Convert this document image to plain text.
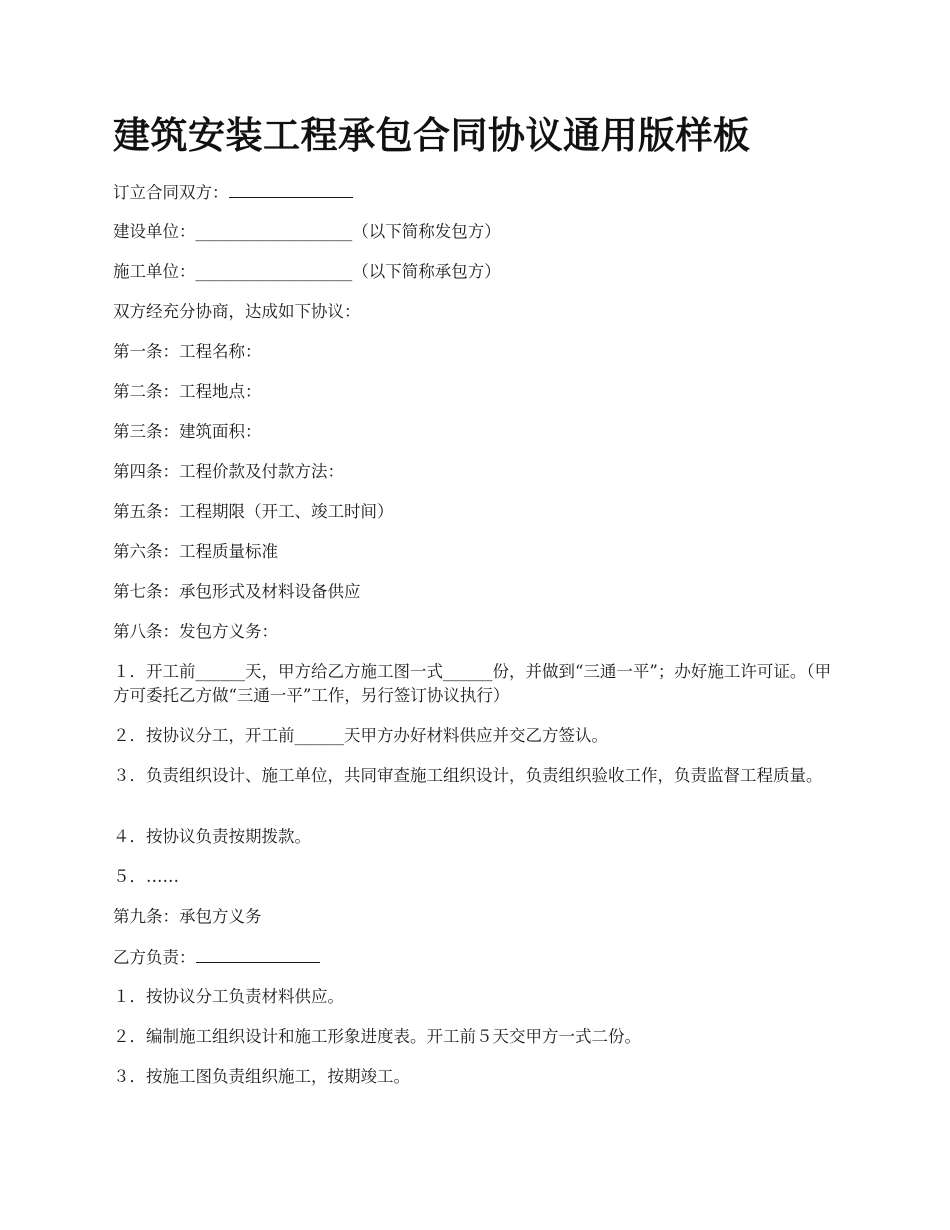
建筑安装工程承包合同协议通用版样板

订立合同双方：

建设单位：___________________（以下简称发包方）

施工单位：___________________（以下简称承包方）

双方经充分协商，达成如下协议：

第一条：工程名称：

第二条：工程地点：

第三条：建筑面积：

第四条：工程价款及付款方法：

第五条：工程期限（开工、竣工时间）

第六条：工程质量标准

第七条：承包形式及材料设备供应

第八条：发包方义务：

１．开工前______天，甲方给乙方施工图一式______份，并做到“三通一平”；办好施工许可证。（甲方可委托乙方做“三通一平”工作，另行签订协议执行）

２．按协议分工，开工前______天甲方办好材料供应并交乙方签认。

３．负责组织设计、施工单位，共同审查施工组织设计，负责组织验收工作，负责监督工程质量。

４．按协议负责按期拨款。

５．……

第九条：承包方义务

乙方负责：

１．按协议分工负责材料供应。

２．编制施工组织设计和施工形象进度表。开工前５天交甲方一式二份。

３．按施工图负责组织施工，按期竣工。
